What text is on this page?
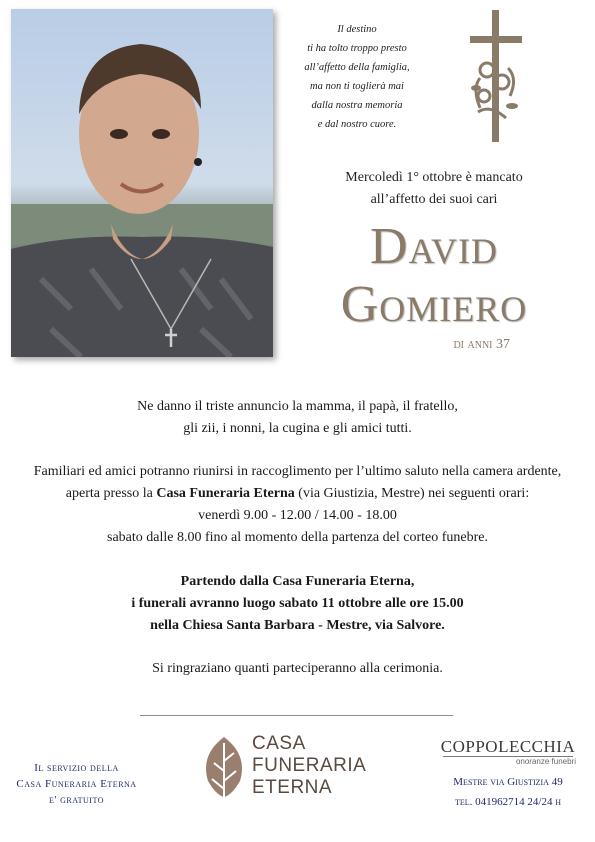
Il destino
ti ha tolto troppo presto
all’affetto della famiglia,
ma non ti toglierà mai
dalla nostra memoria
e dal nostro cuore.
Mercoledì 1° ottobre è mancato
all’affetto dei suoi cari
David
Gomiero
di anni 37
Ne danno il triste annuncio la mamma, il papà, il fratello,
gli zii, i nonni, la cugina e gli amici tutti.
Familiari ed amici potranno riunirsi in raccoglimento per l’ultimo saluto nella camera ardente,
aperta presso la Casa Funeraria Eterna (via Giustizia, Mestre) nei seguenti orari:
venerdì 9.00 - 12.00 / 14.00 - 18.00
sabato dalle 8.00 fino al momento della partenza del corteo funebre.
Partendo dalla Casa Funeraria Eterna,
i funerali avranno luogo sabato 11 ottobre alle ore 15.00
nella Chiesa Santa Barbara - Mestre, via Salvore.
Si ringraziano quanti parteciperanno alla cerimonia.
Il servizio della
Casa Funeraria Eterna
e' gratuito
CASA
FUNERARIA
ETERNA
COPPOLECCHIA
onoranze funebri
Mestre via Giustizia 49
tel. 041962714 24/24 h
